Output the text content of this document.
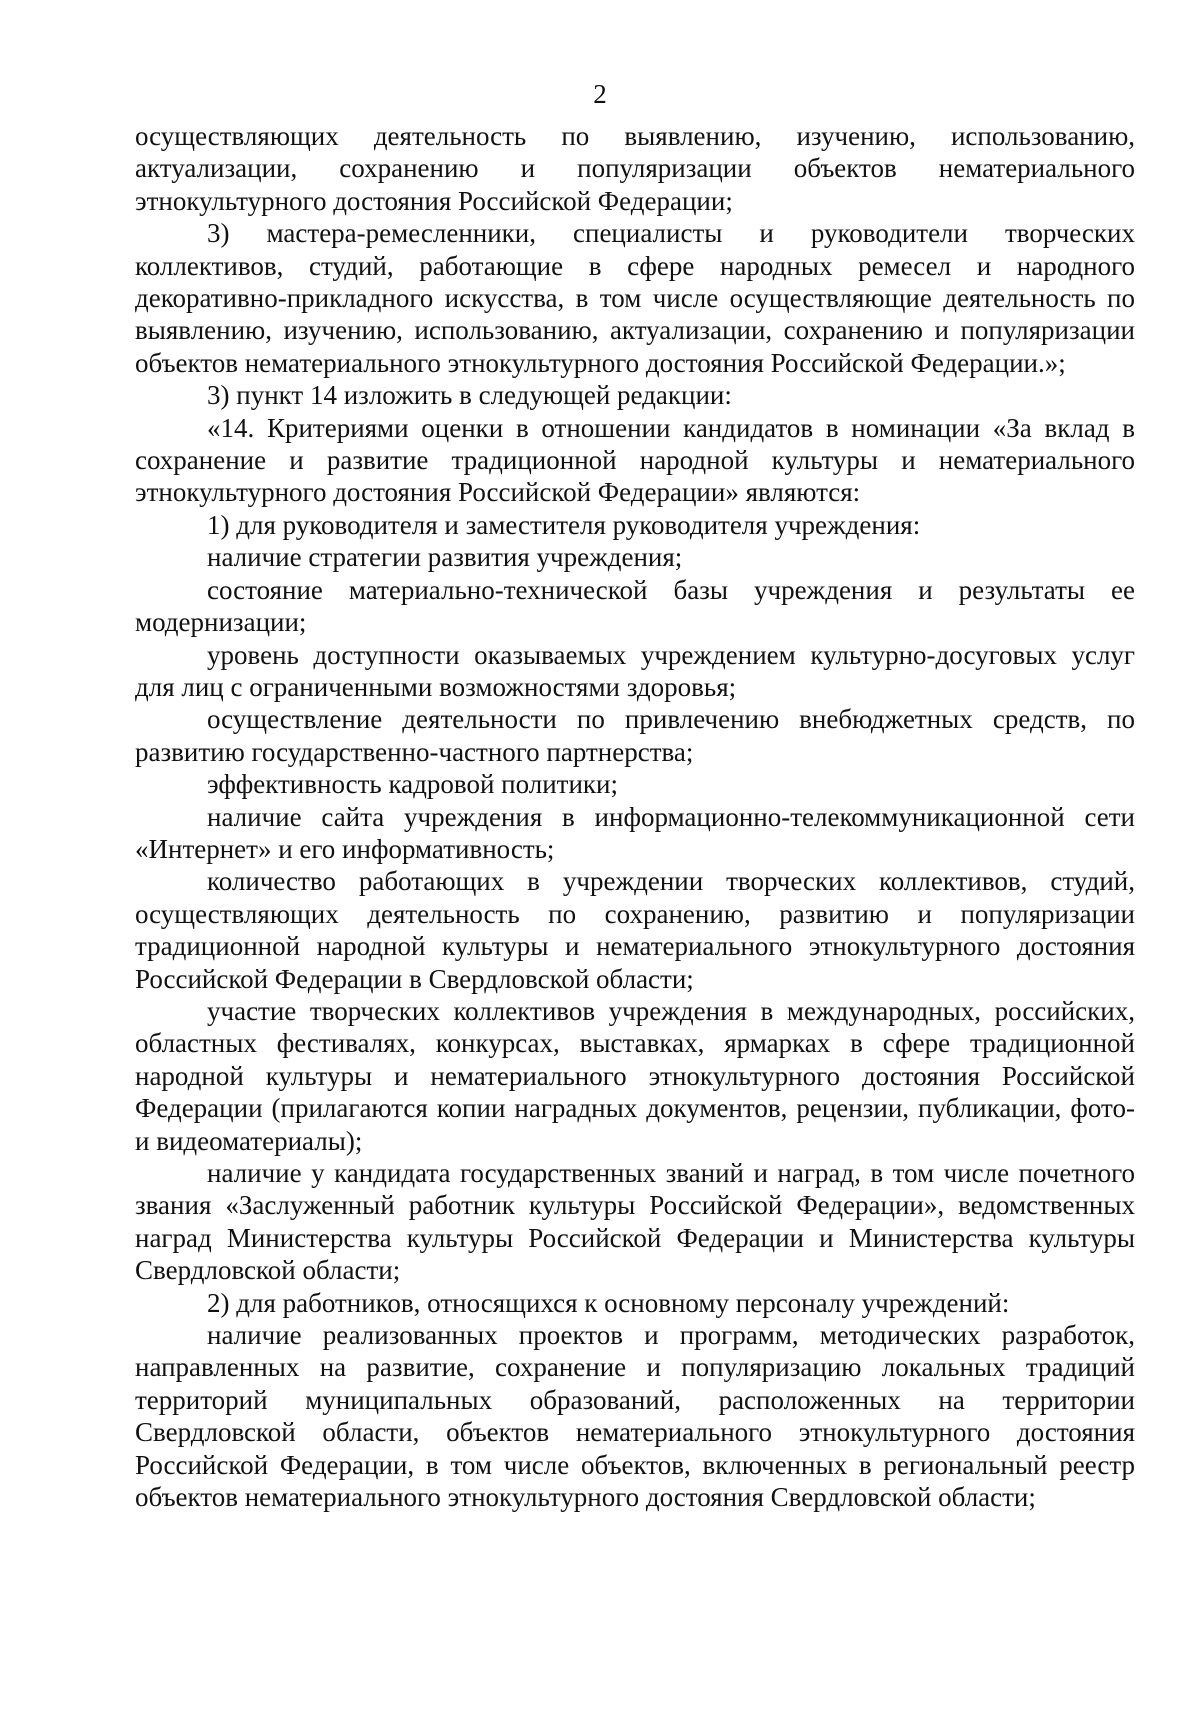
2

осуществляющих деятельность по выявлению, изучению, использованию, актуализации, сохранению и популяризации объектов нематериального этнокультурного достояния Российской Федерации;

3) мастера-ремесленники, специалисты и руководители творческих коллективов, студий, работающие в сфере народных ремесел и народного декоративно-прикладного искусства, в том числе осуществляющие деятельность по выявлению, изучению, использованию, актуализации, сохранению и популяризации объектов нематериального этнокультурного достояния Российской Федерации.»;

3) пункт 14 изложить в следующей редакции:

«14. Критериями оценки в отношении кандидатов в номинации «За вклад в сохранение и развитие традиционной народной культуры и нематериального этнокультурного достояния Российской Федерации» являются:

1) для руководителя и заместителя руководителя учреждения:

наличие стратегии развития учреждения;

состояние материально-технической базы учреждения и результаты ее модернизации;

уровень доступности оказываемых учреждением культурно-досуговых услуг для лиц с ограниченными возможностями здоровья;

осуществление деятельности по привлечению внебюджетных средств, по развитию государственно-частного партнерства;

эффективность кадровой политики;

наличие сайта учреждения в информационно-телекоммуникационной сети «Интернет» и его информативность;

количество работающих в учреждении творческих коллективов, студий, осуществляющих деятельность по сохранению, развитию и популяризации традиционной народной культуры и нематериального этнокультурного достояния Российской Федерации в Свердловской области;

участие творческих коллективов учреждения в международных, российских, областных фестивалях, конкурсах, выставках, ярмарках в сфере традиционной народной культуры и нематериального этнокультурного достояния Российской Федерации (прилагаются копии наградных документов, рецензии, публикации, фото- и видеоматериалы);

наличие у кандидата государственных званий и наград, в том числе почетного звания «Заслуженный работник культуры Российской Федерации», ведомственных наград Министерства культуры Российской Федерации и Министерства культуры Свердловской области;

2) для работников, относящихся к основному персоналу учреждений:

наличие реализованных проектов и программ, методических разработок, направленных на развитие, сохранение и популяризацию локальных традиций территорий муниципальных образований, расположенных на территории Свердловской области, объектов нематериального этнокультурного достояния Российской Федерации, в том числе объектов, включенных в региональный реестр объектов нематериального этнокультурного достояния Свердловской области;
